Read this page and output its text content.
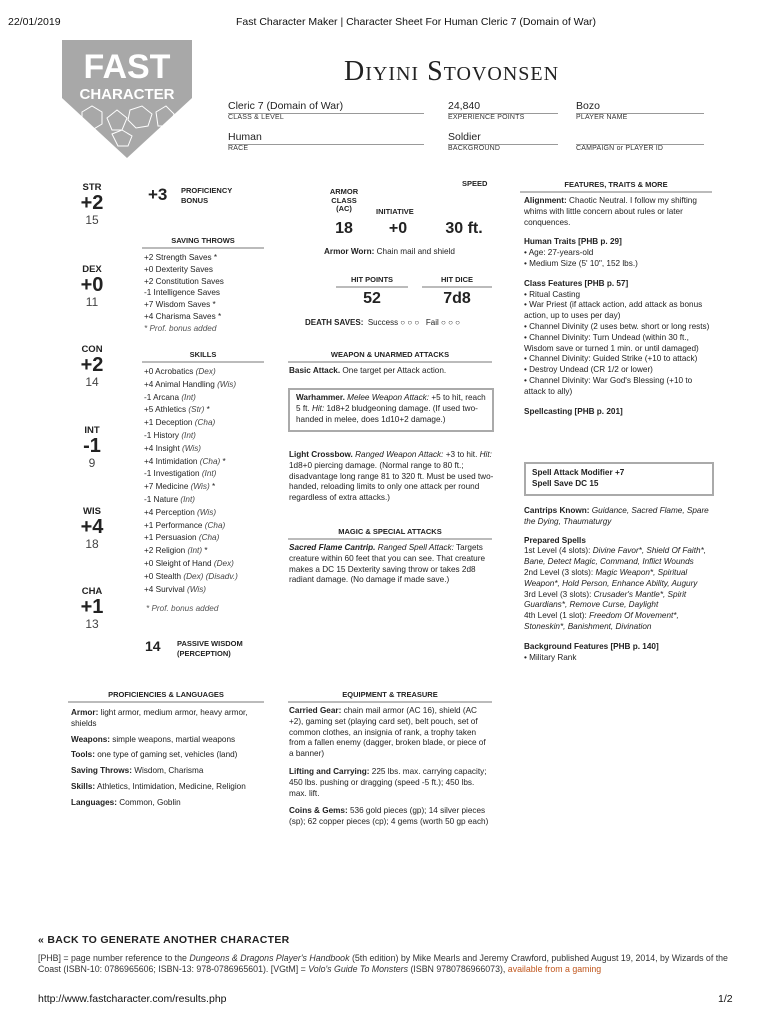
22/01/2019	Fast Character Maker | Character Sheet For Human Cleric 7 (Domain of War)
FAST
CHARACTER
Diyini Stovonsen
Cleric 7 (Domain of War)
CLASS & LEVEL
24,840
EXPERIENCE POINTS
Bozo
PLAYER NAME
Human
RACE
Soldier
BACKGROUND	CAMPAIGN or PLAYER ID
STR
+2
15
DEX
+0
11
CON
+2
14
INT
-1
9
WIS
+4
18
CHA
+1
13
+3 PROFICIENCY
BONUS
SAVING THROWS
+2 Strength Saves *
+0 Dexterity Saves
+2 Constitution Saves
-1 Intelligence Saves
+7 Wisdom Saves *
+4 Charisma Saves *
* Prof. bonus added
SKILLS
+0 Acrobatics (Dex)
+4 Animal Handling (Wis)
-1 Arcana (Int)
+5 Athletics (Str) *
+1 Deception (Cha)
-1 History (Int)
+4 Insight (Wis)
+4 Intimidation (Cha) *
-1 Investigation (Int)
+7 Medicine (Wis) *
-1 Nature (Int)
+4 Perception (Wis)
+1 Performance (Cha)
+1 Persuasion (Cha)
+2 Religion (Int) *
+0 Sleight of Hand (Dex)
+0 Stealth (Dex) (Disadv.)
+4 Survival (Wis)
* Prof. bonus added
14 PASSIVE WISDOM
(PERCEPTION)
SPEED
ARMOR
CLASS
(AC)	INITIATIVE
18	+0	30 ft.
Armor Worn: Chain mail and shield
HIT POINTS	HIT DICE
52	7d8
DEATH SAVES: Success ○ ○ ○ Fail ○ ○ ○
WEAPON & UNARMED ATTACKS
Basic Attack. One target per Attack action.
Warhammer. Melee Weapon Attack: +5 to hit, reach 5 ft. Hit: 1d8+2 bludgeoning damage. (If used two-handed in melee, does 1d10+2 damage.)
Light Crossbow. Ranged Weapon Attack: +3 to hit. Hit: 1d8+0 piercing damage. (Normal range to 80 ft.; disadvantage long range 81 to 320 ft. Must be used two-handed, reloading limits to only one attack per round regardless of extra attacks.)
MAGIC & SPECIAL ATTACKS
Sacred Flame Cantrip. Ranged Spell Attack: Targets creature within 60 feet that you can see. That creature makes a DC 15 Dexterity saving throw or takes 2d8 radiant damage. (No damage if made save.)
FEATURES, TRAITS & MORE
Alignment: Chaotic Neutral. I follow my shifting whims with little concern about rules or later conquences.
Human Traits [PHB p. 29]
• Age: 27-years-old
• Medium Size (5' 10", 152 lbs.)
Class Features [PHB p. 57]
• Ritual Casting
• War Priest (if attack action, add attack as bonus action, up to uses per day)
• Channel Divinity (2 uses betw. short or long rests)
• Channel Divinity: Turn Undead (within 30 ft., Wisdom save or turned 1 min. or until damaged)
• Channel Divinity: Guided Strike (+10 to attack)
• Destroy Undead (CR 1/2 or lower)
• Channel Divinity: War God's Blessing (+10 to attack to ally)
Spellcasting [PHB p. 201]
Spell Attack Modifier +7
Spell Save DC 15
Cantrips Known: Guidance, Sacred Flame, Spare the Dying, Thaumaturgy
Prepared Spells
1st Level (4 slots): Divine Favor*, Shield Of Faith*, Bane, Detect Magic, Command, Inflict Wounds
2nd Level (3 slots): Magic Weapon*, Spiritual Weapon*, Hold Person, Enhance Ability, Augury
3rd Level (3 slots): Crusader's Mantle*, Spirit Guardians*, Remove Curse, Daylight
4th Level (1 slot): Freedom Of Movement*, Stoneskin*, Banishment, Divination
Background Features [PHB p. 140]
• Military Rank
PROFICIENCIES & LANGUAGES
Armor: light armor, medium armor, heavy armor, shields
Weapons: simple weapons, martial weapons
Tools: one type of gaming set, vehicles (land)
Saving Throws: Wisdom, Charisma
Skills: Athletics, Intimidation, Medicine, Religion
Languages: Common, Goblin
EQUIPMENT & TREASURE
Carried Gear: chain mail armor (AC 16), shield (AC +2), gaming set (playing card set), belt pouch, set of common clothes, an insignia of rank, a trophy taken from a fallen enemy (dagger, broken blade, or piece of a banner)
Lifting and Carrying: 225 lbs. max. carrying capacity; 450 lbs. pushing or dragging (speed -5 ft.); 450 lbs. max. lift.
Coins & Gems: 536 gold pieces (gp); 14 silver pieces (sp); 62 copper pieces (cp); 4 gems (worth 50 gp each)
« BACK TO GENERATE ANOTHER CHARACTER
[PHB] = page number reference to the Dungeons & Dragons Player's Handbook (5th edition) by Mike Mearls and Jeremy Crawford, published August 19, 2014, by Wizards of the Coast (ISBN-10: 0786965606; ISBN-13: 978-0786965601). [VGtM] = Volo's Guide To Monsters (ISBN 9780786966073), available from a gaming
http://www.fastcharacter.com/results.php	1/2
